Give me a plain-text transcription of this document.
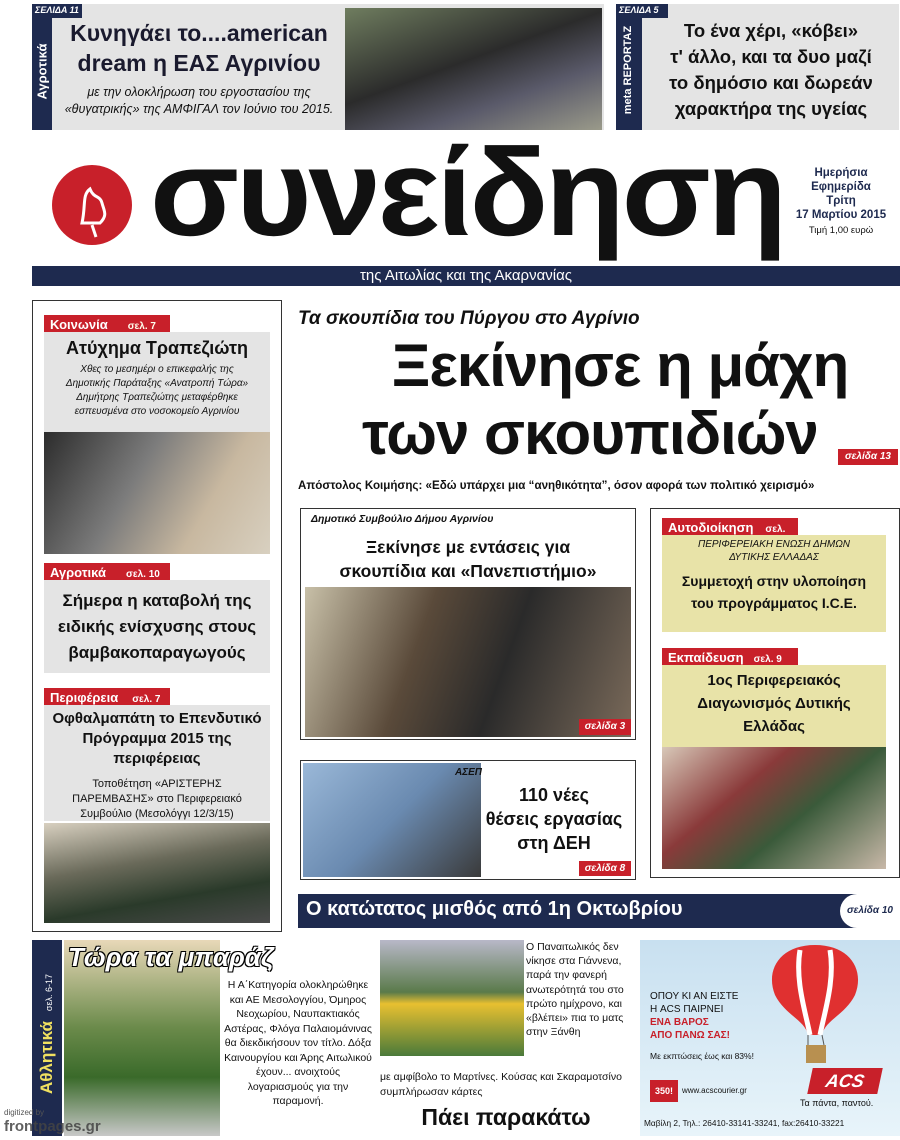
ΣΕΛΙΔΑ 11
Αγροτικά
Κυνηγάει το....american
dream η ΕΑΣ Αγρινίου
με την ολοκλήρωση του εργοστασίου της
«θυγατρικής» της ΑΜΦΙΓΑΛ τον Ιούνιο του 2015.
ΣΕΛΙΔΑ 5
meta REPORTAZ	Το ένα χέρι, «κόβει»
τ' άλλο, και τα δυο μαζί
το δημόσιο και δωρεάν
χαρακτήρα της υγείας
συνείδηση	Ημερήσια
Εφημερίδα
Τρίτη
17 Μαρτίου 2015
Τιμή 1,00 ευρώ
της Αιτωλίας και της Ακαρνανίας
Κοινωνία σελ. 7
Ατύχημα Τραπεζιώτη

Χθες το μεσημέρι ο επικεφαλής της Δημοτικής Παράταξης «Ανατροπή Τώρα» Δημήτρης Τραπεζιώτης μεταφέρθηκε εσπευσμένα στο νοσοκομείο Αγρινίου

Αγροτικά σελ. 10
Σήμερα η καταβολή της
ειδικής ενίσχυσης στους
βαμβακοπαραγωγούς
Περιφέρεια σελ. 7
Οφθαλμαπάτη το Επενδυτικό
Πρόγραμμα 2015 της
περιφέρειας

Τοποθέτηση «ΑΡΙΣΤΕΡΗΣ ΠΑΡΕΜΒΑΣΗΣ» στο Περιφερειακό Συμβούλιο (Μεσολόγγι 12/3/15)

Τα σκουπίδια του Πύργου στο Αγρίνιο
Ξεκίνησε η μάχη
των σκουπιδιών	σελίδα 13
Απόστολος Κοιμήσης: «Εδώ υπάρχει μια “ανηθικότητα”, όσον αφορά των πολιτικό χειρισμό»
Δημοτικό Συμβούλιο Δήμου Αγρινίου
Ξεκίνησε με εντάσεις για
σκουπίδια και «Πανεπιστήμιο»
σελίδα 3
Αυτοδιοίκηση σελ.
ΠΕΡΙΦΕΡΕΙΑΚΗ ΕΝΩΣΗ ΔΗΜΩΝ
ΔΥΤΙΚΗΣ ΕΛΛΑΔΑΣ
Συμμετοχή στην υλοποίηση
του προγράμματος I.C.E.
Εκπαίδευση σελ. 9
1ος Περιφερειακός
Διαγωνισμός Δυτικής
Ελλάδας
ΑΣΕΠ
110 νέες
θέσεις εργασίας
στη ΔΕΗ
σελίδα 8
Ο κατώτατος μισθός από 1η Οκτωβρίου	σελίδα 10
Αθλητικάσελ. 6-17
Τώρα τα μπαράζ

Η Α΄Κατηγορία ολοκληρώθηκε και ΑΕ Μεσολογγίου, Όμηρος Νεοχωρίου, Ναυπακτιακός Αστέρας, Φλόγα Παλαιομάνινας θα διεκδικήσουν τον τίτλο. Δόξα Καινουργίου και Άρης Αιτωλικού έχουν... ανοιχτούς λογαριασμούς για την παραμονή.

Ο Παναιτωλικός δεν νίκησε στα Γιάννενα, παρά την φανερή ανωτερότητά του στο πρώτο ημίχρονο, και «βλέπει» πια το ματς στην Ξάνθη

με αμφίβολο το Μαρτίνες. Κούσας και Σκαραμοτσίνο συμπλήρωσαν κάρτες

Πάει παρακάτω
ΟΠΟΥ ΚΙ ΑΝ ΕΙΣΤΕ
Η ACS ΠΑΙΡΝΕΙ
ΕΝΑ ΒΑΡΟΣ
ΑΠΟ ΠΑΝΩ ΣΑΣ!
Με εκπτώσεις έως και 83%!
350!	www.acscourier.gr	ACS
Τα πάντα, παντού.
Μαβίλη 2, Τηλ.: 26410-33141-33241, fax:26410-33221
digitized by
frontpages.gr
